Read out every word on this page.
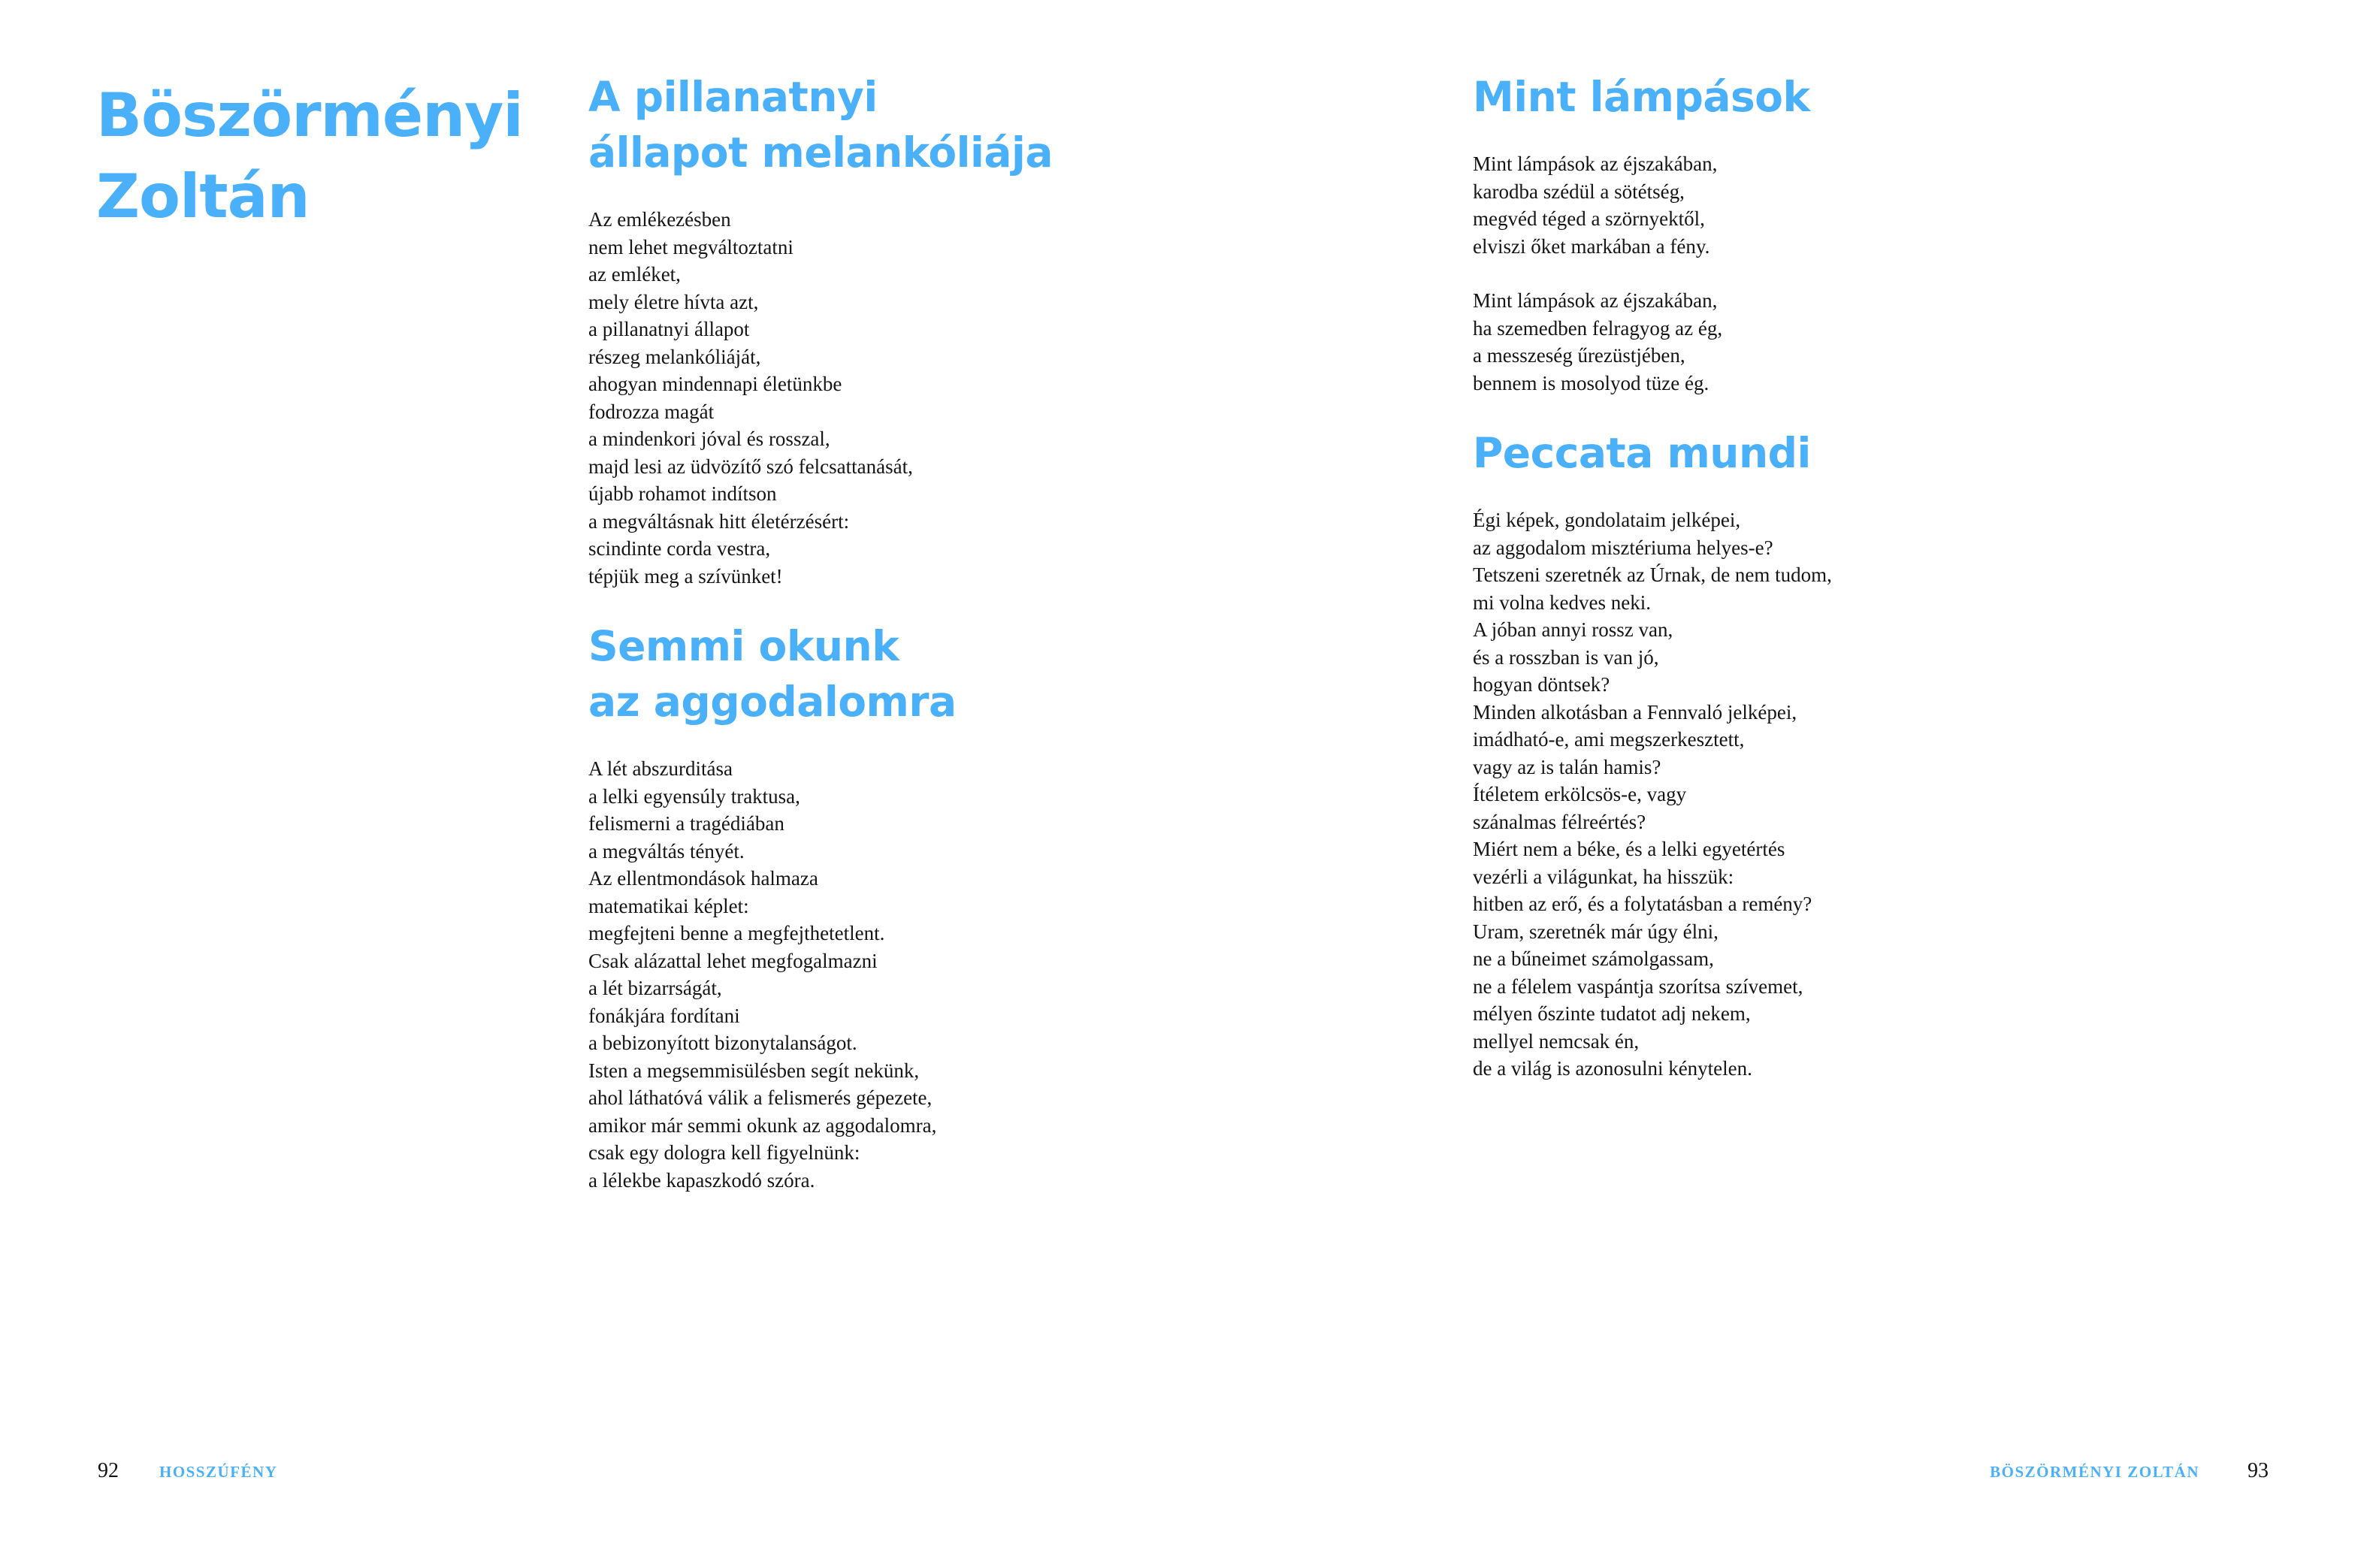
Böszörményi
Zoltán
A pillanatnyi
állapot melankóliája
Az emlékezésben
nem lehet megváltoztatni
az emléket,
mely életre hívta azt,
a pillanatnyi állapot
részeg melankóliáját,
ahogyan mindennapi életünkbe
fodrozza magát
a mindenkori jóval és rosszal,
majd lesi az üdvözítő szó felcsattanását,
újabb rohamot indítson
a megváltásnak hitt életérzésért:
scindinte corda vestra,
tépjük meg a szívünket!
Semmi okunk
az aggodalomra
A lét abszurditása
a lelki egyensúly traktusa,
felismerni a tragédiában
a megváltás tényét.
Az ellentmondások halmaza
matematikai képlet:
megfejteni benne a megfejthetetlent.
Csak alázattal lehet megfogalmazni
a lét bizarrságát,
fonákjára fordítani
a bebizonyított bizonytalanságot.
Isten a megsemmisülésben segít nekünk,
ahol láthatóvá válik a felismerés gépezete,
amikor már semmi okunk az aggodalomra,
csak egy dologra kell figyelnünk:
a lélekbe kapaszkodó szóra.
92	HOSSZÚFÉNY
Mint lámpások
Mint lámpások az éjszakában,
karodba szédül a sötétség,
megvéd téged a szörnyektől,
elviszi őket markában a fény.
Mint lámpások az éjszakában,
ha szemedben felragyog az ég,
a messzeség űrezüstjében,
bennem is mosolyod tüze ég.
Peccata mundi
Égi képek, gondolataim jelképei,
az aggodalom misztériuma helyes-e?
Tetszeni szeretnék az Úrnak, de nem tudom,
mi volna kedves neki.
A jóban annyi rossz van,
és a rosszban is van jó,
hogyan döntsek?
Minden alkotásban a Fennvaló jelképei,
imádható-e, ami megszerkesztett,
vagy az is talán hamis?
Ítéletem erkölcsös-e, vagy
szánalmas félreértés?
Miért nem a béke, és a lelki egyetértés
vezérli a világunkat, ha hisszük:
hitben az erő, és a folytatásban a remény?
Uram, szeretnék már úgy élni,
ne a bűneimet számolgassam,
ne a félelem vaspántja szorítsa szívemet,
mélyen őszinte tudatot adj nekem,
mellyel nemcsak én,
de a világ is azonosulni kénytelen.
BÖSZÖRMÉNYI ZOLTÁN 93
